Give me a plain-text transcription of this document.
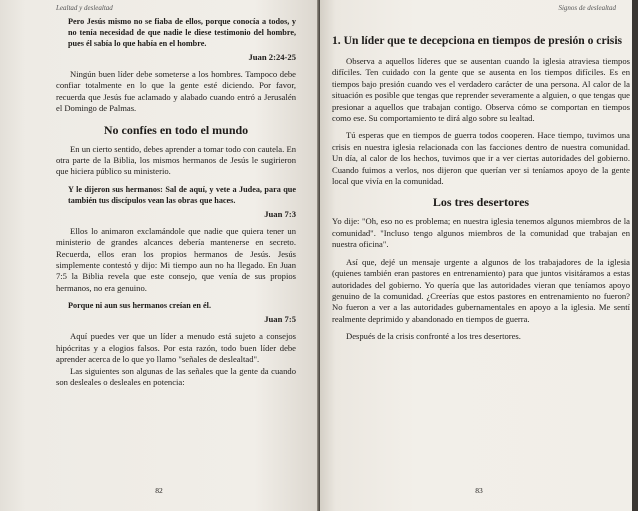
Lealtad y deslealtad

Pero Jesús mismo no se fiaba de ellos, porque conocía a todos, y no tenía necesidad de que nadie le diese testimonio del hombre, pues él sabía lo que había en el hombre.

Juan 2:24-25

Ningún buen líder debe someterse a los hombres. Tampoco debe confiar totalmente en lo que la gente esté diciendo. Por favor, recuerda que Jesús fue aclamado y alabado cuando entró a Jerusalén el Domingo de Palmas.

No confíes en todo el mundo

En un cierto sentido, debes aprender a tomar todo con cautela. En otra parte de la Biblia, los mismos hermanos de Jesús le sugirieron que hiciera público su ministerio.

Y le dijeron sus hermanos: Sal de aquí, y vete a Judea, para que también tus discípulos vean las obras que haces.

Juan 7:3

Ellos lo animaron exclamándole que nadie que quiera tener un ministerio de grandes alcances debería mantenerse en secreto. Recuerda, ellos eran los propios hermanos de Jesús. Jesús simplemente contestó y dijo: Mi tiempo aun no ha llegado. En Juan 7:5 la Biblia revela que este consejo, que venía de sus propios hermanos, no era genuino.

Porque ni aun sus hermanos creían en él.

Juan 7:5

Aquí puedes ver que un líder a menudo está sujeto a consejos hipócritas y a elogios falsos. Por esta razón, todo buen líder debe aprender acerca de lo que yo llamo "señales de deslealtad".

Las siguientes son algunas de las señales que la gente da cuando son desleales o desleales en potencia:

82
Signos de deslealtad
1. Un líder que te decepciona en tiempos de presión o crisis

Observa a aquellos líderes que se ausentan cuando la iglesia atraviesa tiempos difíciles. Ten cuidado con la gente que se ausenta en los tiempos difíciles. Es en tiempos bajo presión cuando ves el verdadero carácter de una persona. Al calor de la situación es posible que tengas que reprender severamente a alguien, o que tengas que presionar a aquellos que trabajan contigo. Observa cómo se comportan en tiempos como ese. Su comportamiento te dirá algo sobre su lealtad.

Tú esperas que en tiempos de guerra todos cooperen. Hace tiempo, tuvimos una crisis en nuestra iglesia relacionada con las facciones dentro de nuestra comunidad. Un día, al calor de los hechos, tuvimos que ir a ver ciertas autoridades del gobierno. Cuando fuimos a verlos, nos dijeron que querían ver si teníamos apoyo de la gente local que vivía en la comunidad.

Los tres desertores

Yo dije: "Oh, eso no es problema; en nuestra iglesia tenemos algunos miembros de la comunidad". "Incluso tengo algunos miembros de la comunidad que trabajan en nuestra oficina".

Así que, dejé un mensaje urgente a algunos de los trabajadores de la iglesia (quienes también eran pastores en entrenamiento) para que juntos visitáramos a estas autoridades del gobierno. Yo quería que las autoridades vieran que teníamos apoyo genuino de la comunidad. ¿Creerías que estos pastores en entrenamiento no fueron? No fueron a ver a las autoridades gubernamentales en apoyo a la iglesia. Me sentí realmente deprimido y abandonado en tiempos de guerra.

Después de la crisis confronté a los tres desertores.

83
